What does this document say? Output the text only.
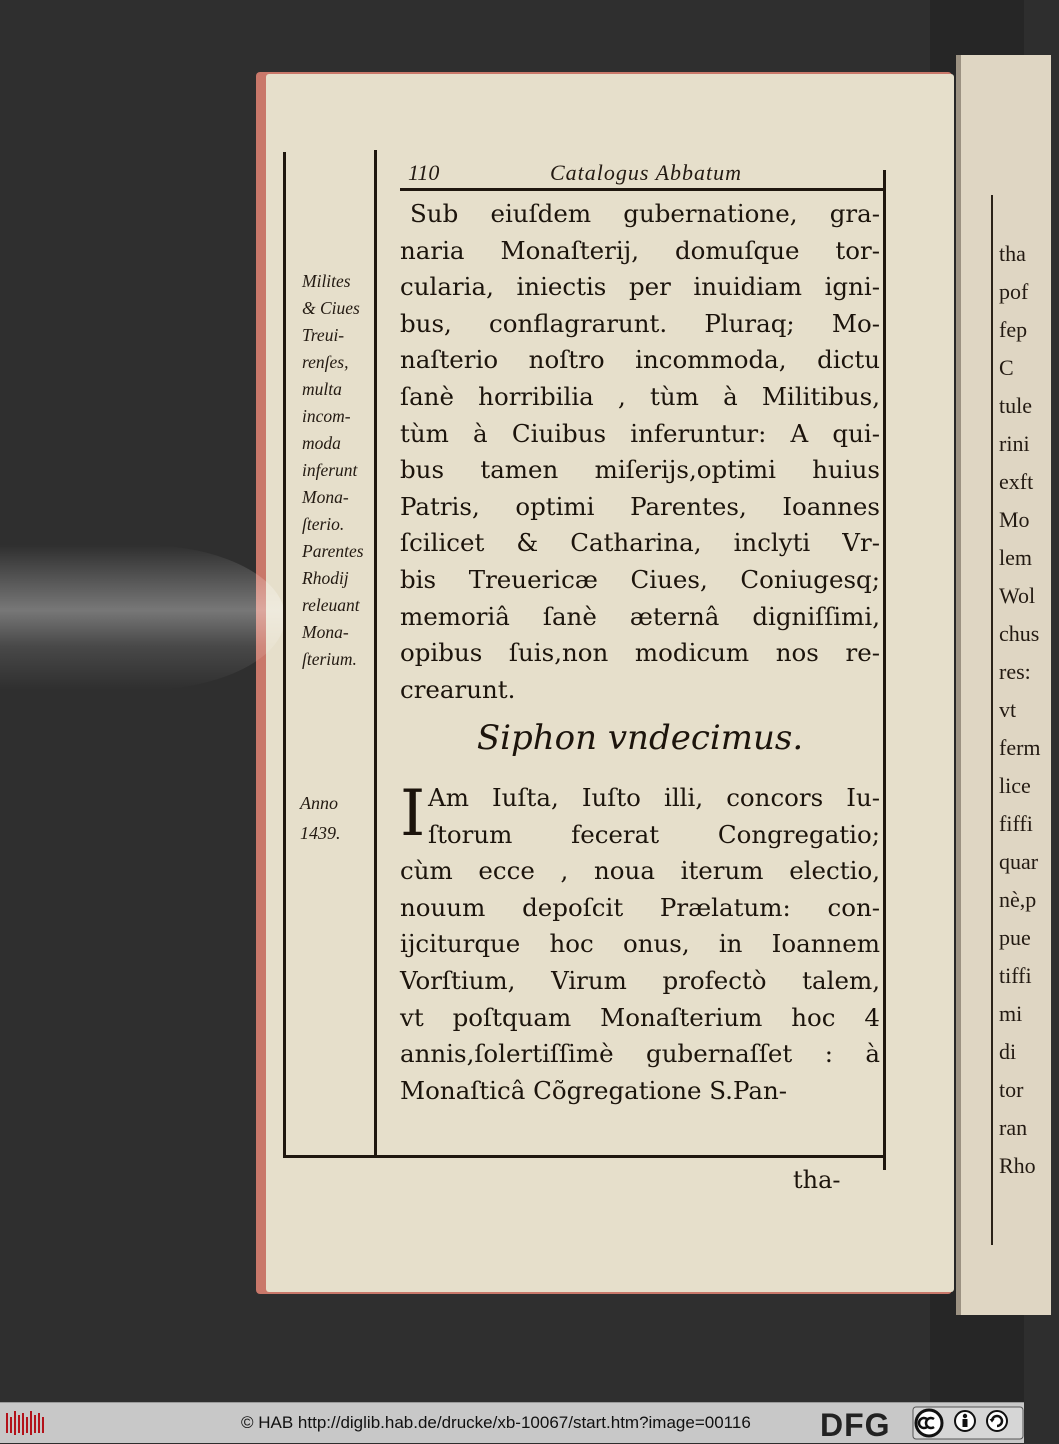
tha
pof
fep
C
tule
rini
exft
Mo
lem
Wol
chus
res:
vt
ferm
lice
fiffi
quar
nè,p
pue
tiffi
mi
di
tor
ran
Rho
110	Catalogus Abbatum
Milites
& Ciues
Treui-
renſes,
multa
incom-
moda
inferunt
Mona-
ſterio.
Parentes
Rhodij
releuant
Mona-
ſterium.
Anno
1439.
Sub eiuſdem gubernatione, gra-
naria Monaſterij, domuſque tor-
cularia, iniectis per inuidiam igni-
bus, conflagrarunt. Pluraq; Mo-
naſterio noſtro incommoda, dictu
ſanè horribilia , tùm à Militibus,
tùm à Ciuibus inferuntur: A qui-
bus tamen miſerijs,optimi huius
Patris, optimi Parentes, Ioannes
ſcilicet & Catharina, inclyti Vr-
bis Treuericæ Ciues, Coniugesq;
memoriâ ſanè æternâ digniſſimi,
opibus ſuis,non modicum nos re-
crearunt.
Siphon vndecimus.
I Am Iuſta, Iuſto illi, concors Iu-
ſtorum fecerat Congregatio;
cùm ecce , noua iterum electio,
nouum depoſcit Prælatum: con-
ijciturque hoc onus, in Ioannem
Vorſtium, Virum profectò talem,
vt poſtquam Monaſterium hoc 4
annis,ſolertiſſimè gubernaſſet : à
Monaſticâ Cõgregatione S.Pan-
tha-
© HAB http://diglib.hab.de/drucke/xb-10067/start.htm?image=00116 DFG
